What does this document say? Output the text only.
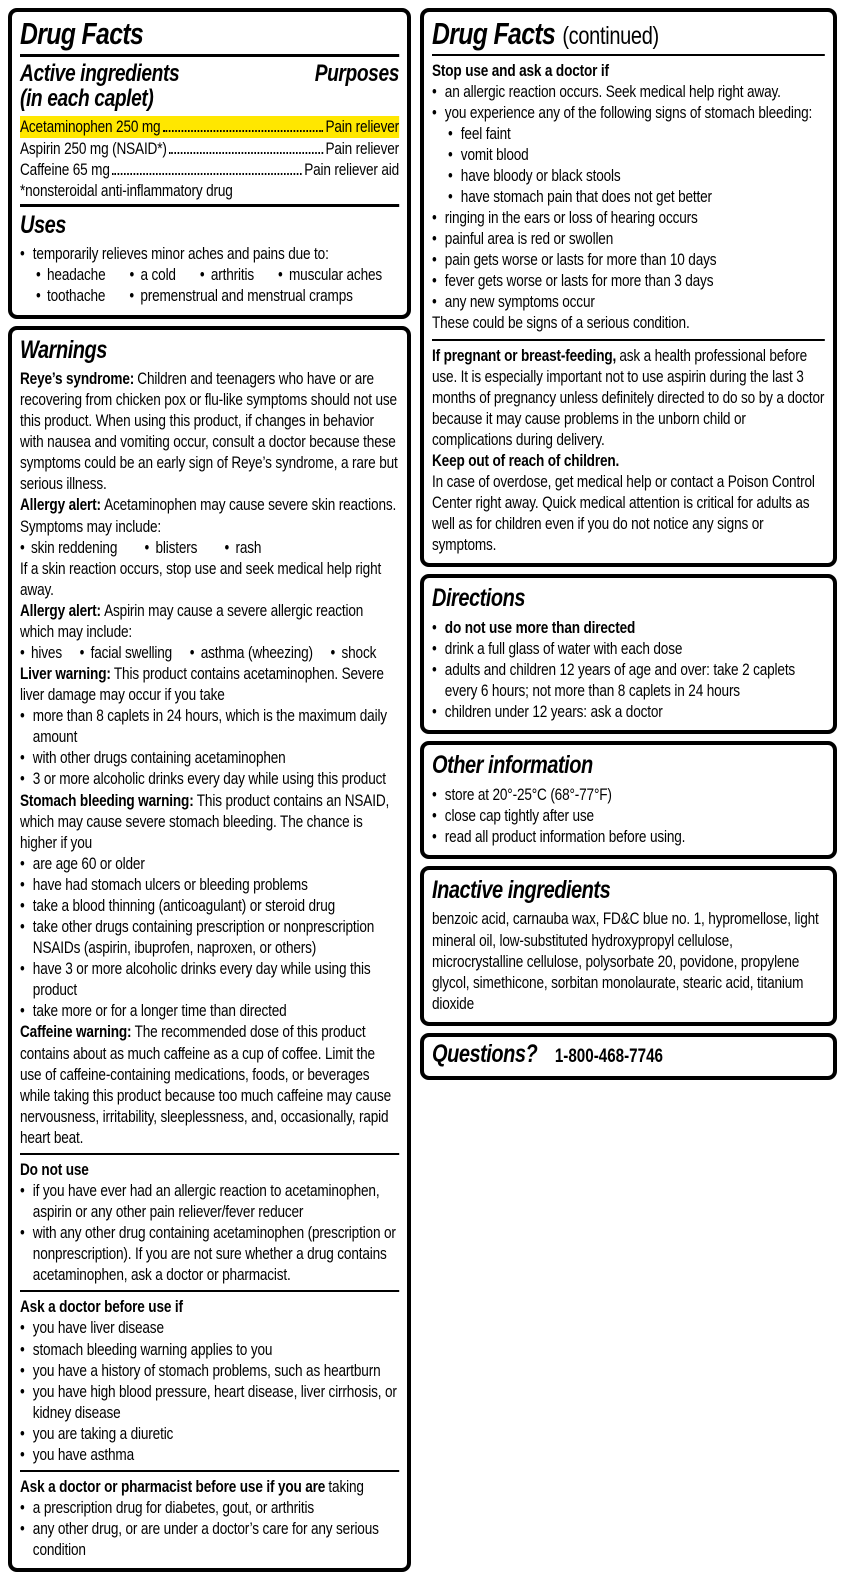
Drug Facts
Active ingredients
(in each caplet)
Purposes
Acetaminophen 250 mg	Pain reliever
Aspirin 250 mg (NSAID*)	Pain reliever
Caffeine 65 mg	Pain reliever aid

*nonsteroidal anti-inflammatory drug

Uses
• temporarily relieves minor aches and pains due to:
• headache	• a cold	• arthritis	• muscular aches
• toothache	• premenstrual and menstrual cramps
Warnings

Reye’s syndrome: Children and teenagers who have or are recovering from chicken pox or flu-like symptoms should not use this product. When using this product, if changes in behavior with nausea and vomiting occur, consult a doctor because these symptoms could be an early sign of Reye’s syndrome, a rare but serious illness.

Allergy alert: Acetaminophen may cause severe skin reactions. Symptoms may include:

• skin reddening	• blisters	• rash

If a skin reaction occurs, stop use and seek medical help right away.

Allergy alert: Aspirin may cause a severe allergic reaction which may include:

• hives	• facial swelling	• asthma (wheezing)	• shock

Liver warning: This product contains acetaminophen. Severe liver damage may occur if you take

• more than 8 caplets in 24 hours, which is the maximum daily amount
• with other drugs containing acetaminophen
• 3 or more alcoholic drinks every day while using this product

Stomach bleeding warning: This product contains an NSAID, which may cause severe stomach bleeding. The chance is higher if you

• are age 60 or older
• have had stomach ulcers or bleeding problems
• take a blood thinning (anticoagulant) or steroid drug
• take other drugs containing prescription or nonprescription NSAIDs (aspirin, ibuprofen, naproxen, or others)
• have 3 or more alcoholic drinks every day while using this product
• take more or for a longer time than directed

Caffeine warning: The recommended dose of this product contains about as much caffeine as a cup of coffee. Limit the use of caffeine-containing medications, foods, or beverages while taking this product because too much caffeine may cause nervousness, irritability, sleeplessness, and, occasionally, rapid heart beat.

Do not use

• if you have ever had an allergic reaction to acetaminophen, aspirin or any other pain reliever/fever reducer
• with any other drug containing acetaminophen (prescription or nonprescription). If you are not sure whether a drug contains acetaminophen, ask a doctor or pharmacist.

Ask a doctor before use if

• you have liver disease
• stomach bleeding warning applies to you
• you have a history of stomach problems, such as heartburn
• you have high blood pressure, heart disease, liver cirrhosis, or kidney disease
• you are taking a diuretic
• you have asthma

Ask a doctor or pharmacist before use if you are taking

• a prescription drug for diabetes, gout, or arthritis
• any other drug, or are under a doctor’s care for any serious condition
Drug Facts (continued)

Stop use and ask a doctor if

• an allergic reaction occurs. Seek medical help right away.
• you experience any of the following signs of stomach bleeding:
• feel faint
• vomit blood
• have bloody or black stools
• have stomach pain that does not get better
• ringing in the ears or loss of hearing occurs
• painful area is red or swollen
• pain gets worse or lasts for more than 10 days
• fever gets worse or lasts for more than 3 days
• any new symptoms occur

These could be signs of a serious condition.

If pregnant or breast-feeding, ask a health professional before use. It is especially important not to use aspirin during the last 3 months of pregnancy unless definitely directed to do so by a doctor because it may cause problems in the unborn child or complications during delivery.

Keep out of reach of children.

In case of overdose, get medical help or contact a Poison Control Center right away. Quick medical attention is critical for adults as well as for children even if you do not notice any signs or symptoms.

Directions
• do not use more than directed
• drink a full glass of water with each dose
• adults and children 12 years of age and over: take 2 caplets every 6 hours; not more than 8 caplets in 24 hours
• children under 12 years: ask a doctor
Other information
• store at 20°-25°C (68°-77°F)
• close cap tightly after use
• read all product information before using.
Inactive ingredients

benzoic acid, carnauba wax, FD&C blue no. 1, hypromellose, light mineral oil, low-substituted hydroxypropyl cellulose, microcrystalline cellulose, polysorbate 20, povidone, propylene glycol, simethicone, sorbitan monolaurate, stearic acid, titanium dioxide

Questions? 1-800-468-7746
